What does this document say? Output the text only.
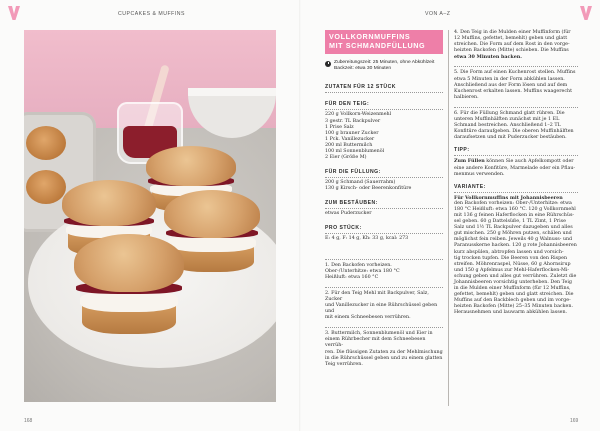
CUPCAKES & MUFFINS
168
VON A–Z
VOLLKORNMUFFINS
MIT SCHMANDFÜLLUNG
Zubereitungszeit: 25 Minuten, ohne Abkühlzeit
Backzeit: etwa 30 Minuten
ZUTATEN FÜR 12 STÜCK
FÜR DEN TEIG:
220 g Vollkorn-Weizenmehl
3 gestr. TL Backpulver
1 Prise Salz
100 g brauner Zucker
1 Pck. Vanillezucker
200 ml Buttermilch
100 ml Sonnenblumenöl
2 Eier (Größe M)
FÜR DIE FÜLLUNG:
200 g Schmand (Sauerrahm)
130 g Kirsch- oder Beerenkonfitüre
ZUM BESTÄUBEN:
etwas Puderzucker
PRO STÜCK:
E: 4 g, F: 14 g, Kh: 33 g, kcal: 273
1. Den Backofen vorheizen.
Ober-/Unterhitze: etwa 180 °C
Heißluft: etwa 160 °C
2. Für den Teig Mehl mit Backpulver, Salz, Zucker
und Vanillezucker in eine Rührschüssel geben und
mit einem Schneebesen verrühren.
3. Buttermilch, Sonnenblumenöl und Eier in
einem Rührbecher mit dem Schneebesen verrüh-
ren. Die flüssigen Zutaten zu der Mehlmischung
in die Rührschüssel geben und zu einem glatten
Teig verrühren.
4. Den Teig in die Mulden einer Muffinform (für
12 Muffins, gefettet, bemehlt) geben und glatt
streichen. Die Form auf dem Rost in den vorge-
heizten Backofen (Mitte) schieben. Die Muffins
etwa 30 Minuten backen.
5. Die Form auf einen Kuchenrost stellen. Muffins
etwa 5 Minuten in der Form abkühlen lassen.
Anschließend aus der Form lösen und auf dem
Kuchenrost erkalten lassen. Muffins waagerecht
halbieren.
6. Für die Füllung Schmand glatt rühren. Die
unteren Muffinhälften zunächst mit je 1 EL
Schmand bestreichen. Anschließend 1–2 TL
Konfitüre daraufgeben. Die oberen Muffinhälften
daraufsetzen und mit Puderzucker bestäuben.
TIPP:
Zum Füllen können Sie auch Apfelkompott oder
eine andere Konfitüre, Marmelade oder ein Pflau-
menmus verwenden.
VARIANTE:
Für Vollkornmuffins mit Johannisbeeren
den Backofen vorheizen: Ober-/Unterhitze: etwa
180 °C Heißluft: etwa 160 °C. 120 g Vollkornmehl
mit 136 g feinen Haferflocken in eine Rührschüs-
sel geben. 60 g Dattelsüße, 1 TL Zimt, 1 Prise
Salz und 1½ TL Backpulver dazugeben und alles
gut mischen. 250 g Möhren putzen, schälen und
möglichst fein reiben. Jeweils 40 g Walnuss- und
Paranusskerne hacken. 120 g rote Johannisbeeren
kurz abspülen, abtropfen lassen und vorsich-
tig trocken tupfen. Die Beeren von den Rispen
streifen. Möhrenraspel, Nüsse, 60 g Ahornsirup
und 150 g Apfelmus zur Mehl-Haferflocken-Mi-
schung geben und alles gut verrühren. Zuletzt die
Johannisbeeren vorsichtig unterheben. Den Teig
in die Mulden einer Muffinform (für 12 Muffins,
gefettet, bemehlt) geben und glatt streichen. Die
Muffins auf den Backblech geben und im vorge-
heizten Backofen (Mitte) 25–35 Minuten backen.
Herausnehmen und lauwarm abkühlen lassen.
169
